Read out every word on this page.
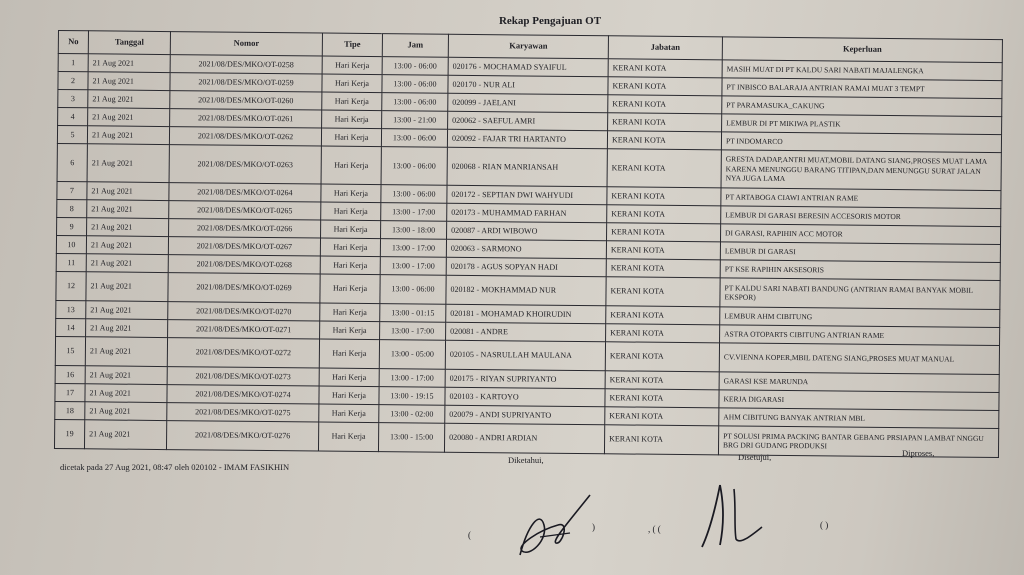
Rekap Pengajuan OT
No	Tanggal	Nomor	Tipe	Jam	Karyawan	Jabatan	Keperluan
1	21 Aug 2021	2021/08/DES/MKO/OT-0258	Hari Kerja	13:00 - 06:00	020176 - MOCHAMAD SYAIFUL	KERANI KOTA	MASIH MUAT DI PT KALDU SARI NABATI MAJALENGKA
2	21 Aug 2021	2021/08/DES/MKO/OT-0259	Hari Kerja	13:00 - 06:00	020170 - NUR ALI	KERANI KOTA	PT INBISCO BALARAJA ANTRIAN RAMAI MUAT 3 TEMPT
3	21 Aug 2021	2021/08/DES/MKO/OT-0260	Hari Kerja	13:00 - 06:00	020099 - JAELANI	KERANI KOTA	PT PARAMASUKA_CAKUNG
4	21 Aug 2021	2021/08/DES/MKO/OT-0261	Hari Kerja	13:00 - 21:00	020062 - SAEFUL AMRI	KERANI KOTA	LEMBUR DI PT MIKIWA PLASTIK
5	21 Aug 2021	2021/08/DES/MKO/OT-0262	Hari Kerja	13:00 - 06:00	020092 - FAJAR TRI HARTANTO	KERANI KOTA	PT INDOMARCO
6	21 Aug 2021	2021/08/DES/MKO/OT-0263	Hari Kerja	13:00 - 06:00	020068 - RIAN MANRIANSAH	KERANI KOTA	GRESTA DADAP,ANTRI MUAT,MOBIL DATANG SIANG,PROSES MUAT LAMA KARENA MENUNGGU BARANG TITIPAN,DAN MENUNGGU SURAT JALAN NYA JUGA LAMA
7	21 Aug 2021	2021/08/DES/MKO/OT-0264	Hari Kerja	13:00 - 06:00	020172 - SEPTIAN DWI WAHYUDI	KERANI KOTA	PT ARTABOGA CIAWI ANTRIAN RAME
8	21 Aug 2021	2021/08/DES/MKO/OT-0265	Hari Kerja	13:00 - 17:00	020173 - MUHAMMAD FARHAN	KERANI KOTA	LEMBUR DI GARASI BERESIN ACCESORIS MOTOR
9	21 Aug 2021	2021/08/DES/MKO/OT-0266	Hari Kerja	13:00 - 18:00	020087 - ARDI WIBOWO	KERANI KOTA	DI GARASI, RAPIHIN ACC MOTOR
10	21 Aug 2021	2021/08/DES/MKO/OT-0267	Hari Kerja	13:00 - 17:00	020063 - SARMONO	KERANI KOTA	LEMBUR DI GARASI
11	21 Aug 2021	2021/08/DES/MKO/OT-0268	Hari Kerja	13:00 - 17:00	020178 - AGUS SOPYAN HADI	KERANI KOTA	PT KSE RAPIHIN AKSESORIS
12	21 Aug 2021	2021/08/DES/MKO/OT-0269	Hari Kerja	13:00 - 06:00	020182 - MOKHAMMAD NUR	KERANI KOTA	PT KALDU SARI NABATI BANDUNG (ANTRIAN RAMAI BANYAK MOBIL EKSPOR)
13	21 Aug 2021	2021/08/DES/MKO/OT-0270	Hari Kerja	13:00 - 01:15	020181 - MOHAMAD KHOIRUDIN	KERANI KOTA	LEMBUR AHM CIBITUNG
14	21 Aug 2021	2021/08/DES/MKO/OT-0271	Hari Kerja	13:00 - 17:00	020081 - ANDRE	KERANI KOTA	ASTRA OTOPARTS CIBITUNG ANTRIAN RAME
15	21 Aug 2021	2021/08/DES/MKO/OT-0272	Hari Kerja	13:00 - 05:00	020105 - NASRULLAH MAULANA	KERANI KOTA	CV.VIENNA KOPER,MBIL DATENG SIANG,PROSES MUAT MANUAL
16	21 Aug 2021	2021/08/DES/MKO/OT-0273	Hari Kerja	13:00 - 17:00	020175 - RIYAN SUPRIYANTO	KERANI KOTA	GARASI KSE MARUNDA
17	21 Aug 2021	2021/08/DES/MKO/OT-0274	Hari Kerja	13:00 - 19:15	020103 - KARTOYO	KERANI KOTA	KERJA DIGARASI
18	21 Aug 2021	2021/08/DES/MKO/OT-0275	Hari Kerja	13:00 - 02:00	020079 - ANDI SUPRIYANTO	KERANI KOTA	AHM CIBITUNG BANYAK ANTRIAN MBL
19	21 Aug 2021	2021/08/DES/MKO/OT-0276	Hari Kerja	13:00 - 15:00	020080 - ANDRI ARDIAN	KERANI KOTA	PT SOLUSI PRIMA PACKING BANTAR GEBANG PRSIAPAN LAMBAT NNGGU BRG DRI GUDANG PRODUKSI
dicetak pada 27 Aug 2021, 08:47 oleh 020102 - IMAM FASIKHIN
Diketahui,	Disetujui,	Diproses,
(
)	, ( (	( )
